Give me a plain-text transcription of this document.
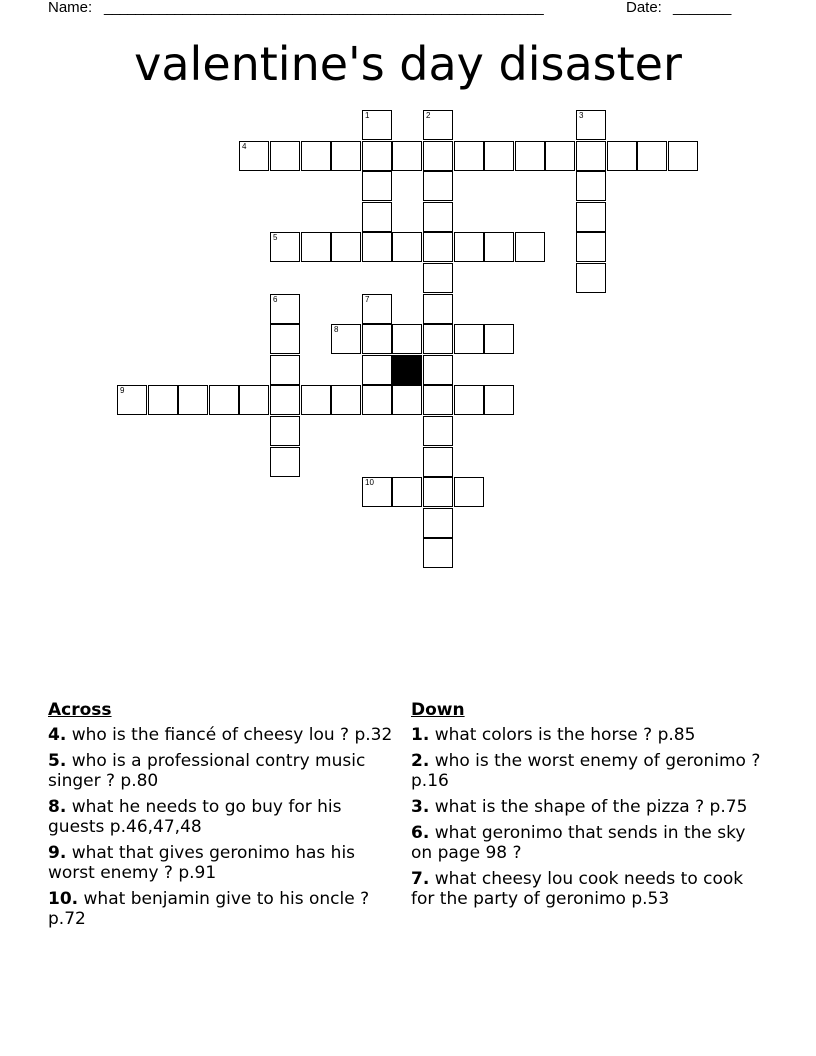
Name: ________________________________________________________	Date: _______
valentine's day disaster
1	2	3
4
5
6	7
8
9
10
Across
4. who is the fiancé of cheesy lou ? p.32
5. who is a professional contry music singer ? p.80
8. what he needs to go buy for his guests p.46,47,48
9. what that gives geronimo has his worst enemy ? p.91
10. what benjamin give to his oncle ? p.72
Down
1. what colors is the horse ? p.85
2. who is the worst enemy of geronimo ? p.16
3. what is the shape of the pizza ? p.75
6. what geronimo that sends in the sky on page 98 ?
7. what cheesy lou cook needs to cook for the party of geronimo p.53
